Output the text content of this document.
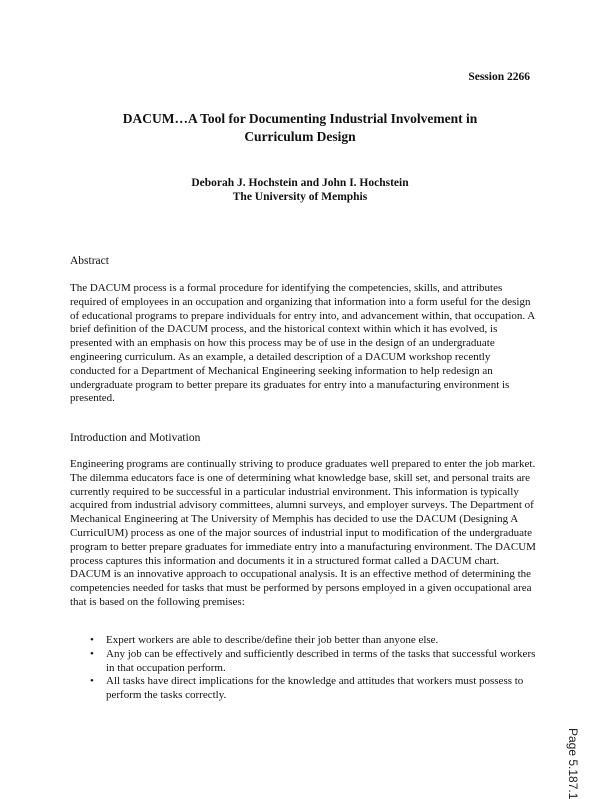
Session 2266
DACUM…A Tool for Documenting Industrial Involvement in
Curriculum Design
Deborah J. Hochstein and John I. Hochstein
The University of Memphis
Abstract

The DACUM process is a formal procedure for identifying the competencies, skills, and attributes required of employees in an occupation and organizing that information into a form useful for the design of educational programs to prepare individuals for entry into, and advancement within, that occupation. A brief definition of the DACUM process, and the historical context within which it has evolved, is presented with an emphasis on how this process may be of use in the design of an undergraduate engineering curriculum. As an example, a detailed description of a DACUM workshop recently conducted for a Department of Mechanical Engineering seeking information to help redesign an undergraduate program to better prepare its graduates for entry into a manufacturing environment is presented.

Introduction and Motivation

Engineering programs are continually striving to produce graduates well prepared to enter the job market. The dilemma educators face is one of determining what knowledge base, skill set, and personal traits are currently required to be successful in a particular industrial environment. This information is typically acquired from industrial advisory committees, alumni surveys, and employer surveys. The Department of Mechanical Engineering at The University of Memphis has decided to use the DACUM (Designing A CurriculUM) process as one of the major sources of industrial input to modification of the undergraduate program to better prepare graduates for immediate entry into a manufacturing environment. The DACUM process captures this information and documents it in a structured format called a DACUM chart. DACUM is an innovative approach to occupational analysis. It is an effective method of determining the competencies needed for tasks that must be performed by persons employed in a given occupational area that is based on the following premises:

•	Expert workers are able to describe/define their job better than anyone else.
•	Any job can be effectively and sufficiently described in terms of the tasks that successful workers in that occupation perform.
•	All tasks have direct implications for the knowledge and attitudes that workers must possess to perform the tasks correctly.
Page 5.187.1
